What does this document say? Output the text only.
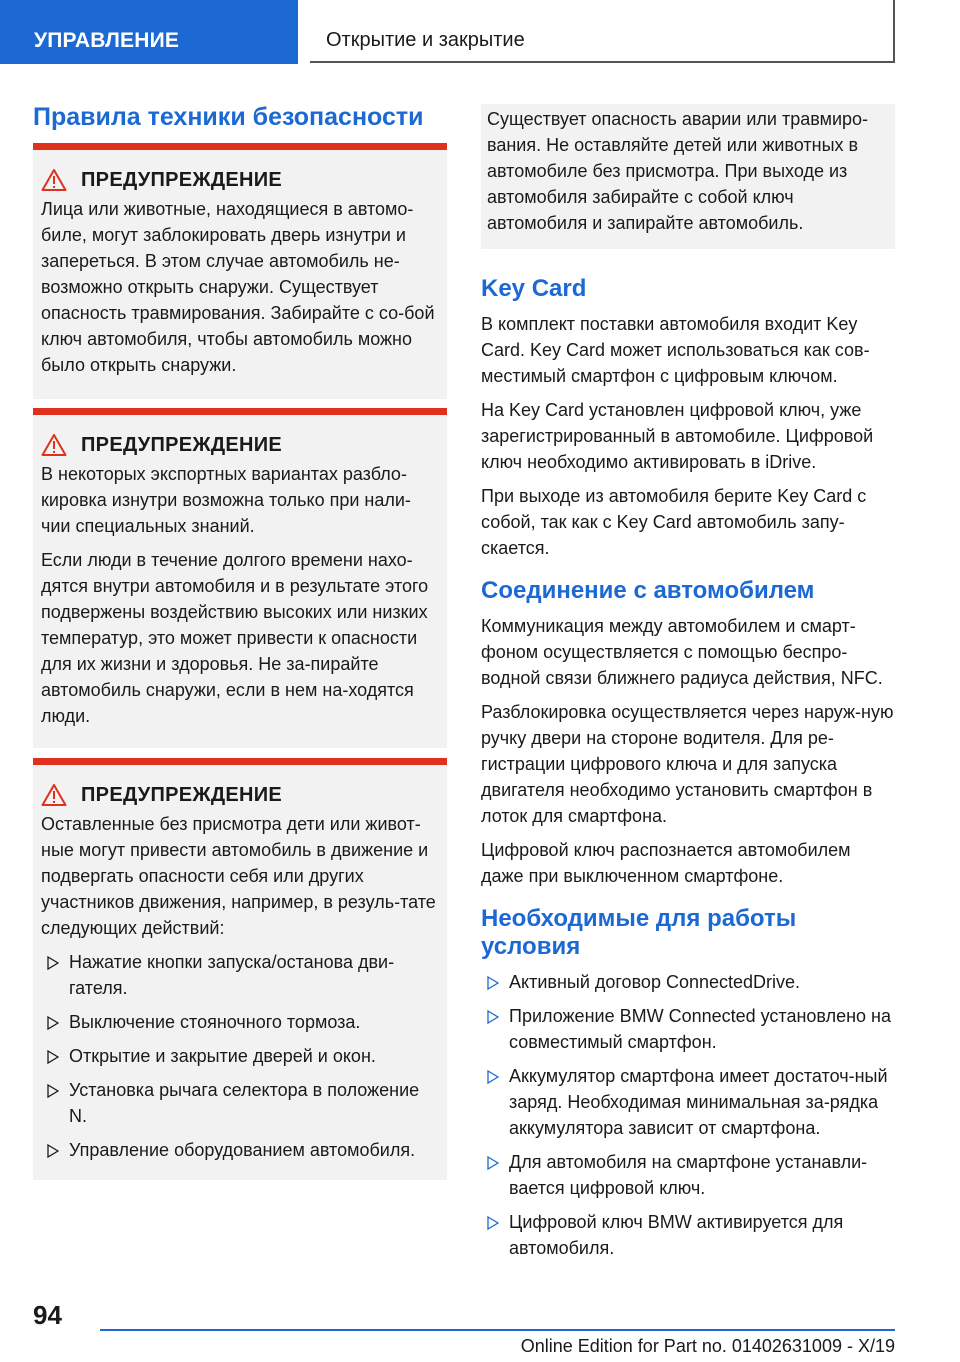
УПРАВЛЕНИЕ	Открытие и закрытие
Правила техники безопасности
ПРЕДУПРЕЖДЕНИЕ

Лица или животные, находящиеся в автомо-биле, могут заблокировать дверь изнутри и запереться. В этом случае автомобиль не-возможно открыть снаружи. Существует опасность травмирования. Забирайте с со-бой ключ автомобиля, чтобы автомобиль можно было открыть снаружи.

ПРЕДУПРЕЖДЕНИЕ

В некоторых экспортных вариантах разбло-кировка изнутри возможна только при нали-чии специальных знаний.

Если люди в течение долгого времени нахо-дятся внутри автомобиля и в результате этого подвержены воздействию высоких или низких температур, это может привести к опасности для их жизни и здоровья. Не за-пирайте автомобиль снаружи, если в нем на-ходятся люди.

ПРЕДУПРЕЖДЕНИЕ

Оставленные без присмотра дети или живот-ные могут привести автомобиль в движение и подвергать опасности себя или других участников движения, например, в резуль-тате следующих действий:

Нажатие кнопки запуска/останова дви-гателя.
Выключение стояночного тормоза.
Открытие и закрытие дверей и окон.
Установка рычага селектора в положение N.
Управление оборудованием автомобиля.

Существует опасность аварии или травмиро-вания. Не оставляйте детей или животных в автомобиле без присмотра. При выходе из автомобиля забирайте с собой ключ автомобиля и запирайте автомобиль.

Key Card

В комплект поставки автомобиля входит Key Card. Key Card может использоваться как сов-местимый смартфон с цифровым ключом.

На Key Card установлен цифровой ключ, уже зарегистрированный в автомобиле. Цифровой ключ необходимо активировать в iDrive.

При выходе из автомобиля берите Key Card с собой, так как с Key Card автомобиль запу-скается.

Соединение с автомобилем

Коммуникация между автомобилем и смарт-фоном осуществляется с помощью беспро-водной связи ближнего радиуса действия, NFC.

Разблокировка осуществляется через наруж-ную ручку двери на стороне водителя. Для ре-гистрации цифрового ключа и для запуска двигателя необходимо установить смартфон в лоток для смартфона.

Цифровой ключ распознается автомобилем даже при выключенном смартфоне.

Необходимые для работы условия
Активный договор ConnectedDrive.
Приложение BMW Connected установлено на совместимый смартфон.
Аккумулятор смартфона имеет достаточ-ный заряд. Необходимая минимальная за-рядка аккумулятора зависит от смартфона.
Для автомобиля на смартфоне устанавли-вается цифровой ключ.
Цифровой ключ BMW активируется для автомобиля.
94
Online Edition for Part no. 01402631009 - X/19
